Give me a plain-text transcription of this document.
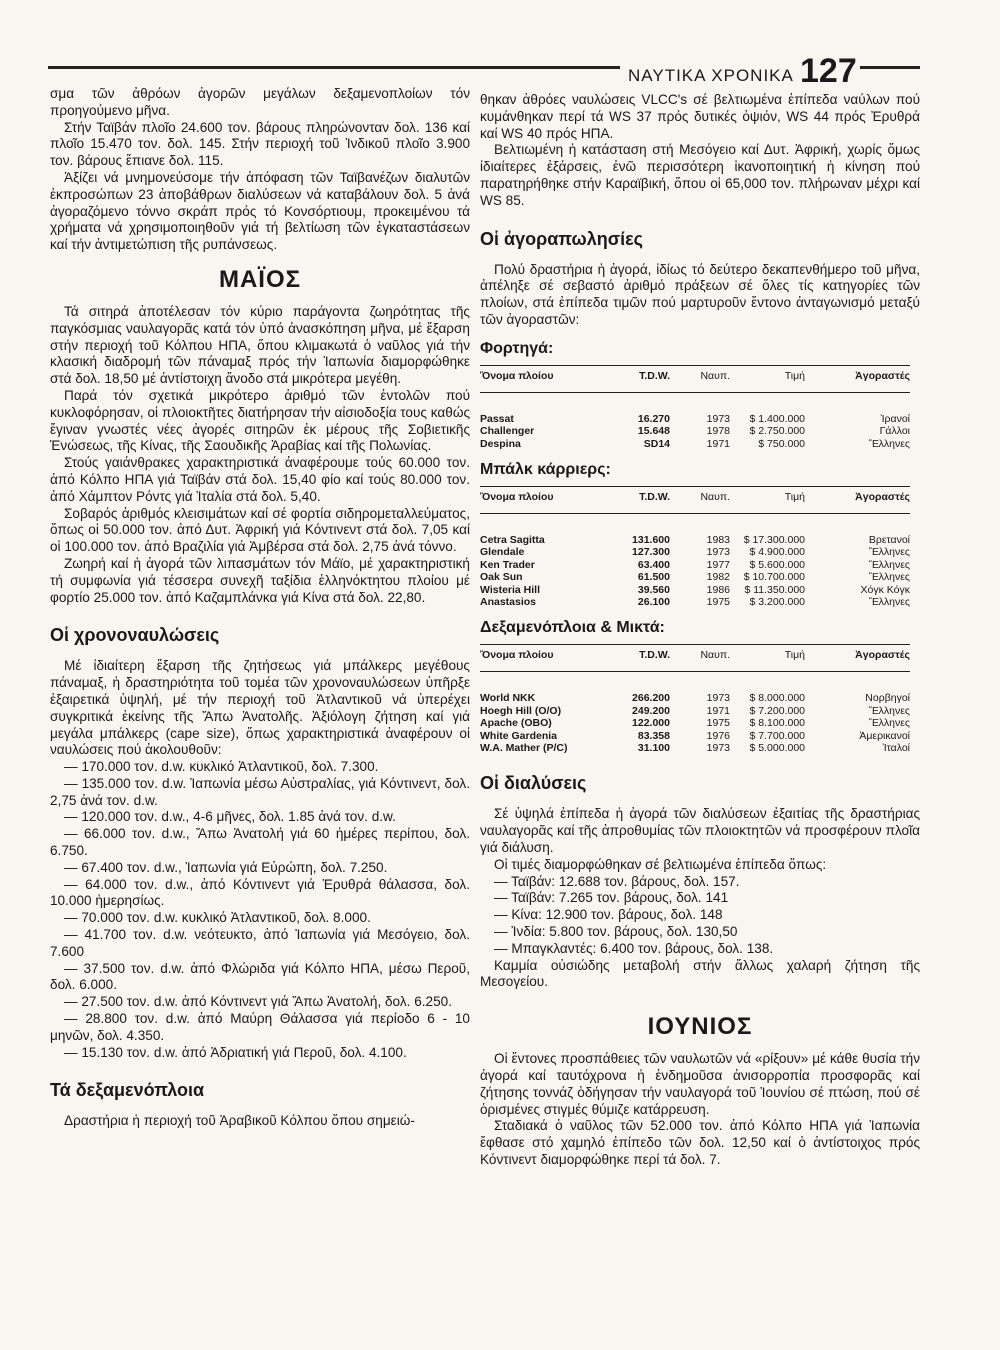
ΝΑΥΤΙΚΑ ΧΡΟΝΙΚΑ 127

σμα τῶν ἀθρόων ἀγορῶν μεγάλων δεξαμενοπλοίων τόν προηγούμενο μῆνα.

Στήν Ταϊβάν πλοῖο 24.600 τον. βάρους πληρώνονταν δολ. 136 καί πλοῖο 15.470 τον. δολ. 145. Στήν περιοχή τοῦ Ἰνδικοῦ πλοῖο 3.900 τον. βάρους ἔπιανε δολ. 115.

Ἀξίζει νά μνημονεύσομε τήν ἀπόφαση τῶν Ταϊβανέζων διαλυτῶν ἐκπροσώπων 23 ἀποβάθρων διαλύσεων νά καταβάλουν δολ. 5 ἀνά ἀγοραζόμενο τόννο σκράπ πρός τό Κονσόρτιουμ, προκειμένου τά χρήματα νά χρησιμοποιηθοῦν γιά τή βελτίωση τῶν ἐγκαταστάσεων καί τήν ἀντιμετώπιση τῆς ρυπάνσεως.

ΜΑΪΟΣ

Τά σιτηρά ἀποτέλεσαν τόν κύριο παράγοντα ζωηρότητας τῆς παγκόσμιας ναυλαγορᾶς κατά τόν ὑπό ἀνασκόπηση μῆνα, μέ ἔξαρση στήν περιοχή τοῦ Κόλπου ΗΠΑ, ὅπου κλιμακωτά ὁ ναῦλος γιά τήν κλασική διαδρομή τῶν πάναμαξ πρός τήν Ἰαπωνία διαμορφώθηκε στά δολ. 18,50 μέ ἀντίστοιχη ἄνοδο στά μικρότερα μεγέθη.

Παρά τόν σχετικά μικρότερο ἀριθμό τῶν ἐντολῶν πού κυκλοφόρησαν, οἱ πλοιοκτῆτες διατήρησαν τήν αἰσιοδοξία τους καθώς ἔγιναν γνωστές νέες ἀγορές σιτηρῶν ἐκ μέρους τῆς Σοβιετικῆς Ἑνώσεως, τῆς Κίνας, τῆς Σαουδικῆς Ἀραβίας καί τῆς Πολωνίας.

Στούς γαιάνθρακες χαρακτηριστικά ἀναφέρουμε τούς 60.000 τον. ἀπό Κόλπο ΗΠΑ γιά Ταϊβάν στά δολ. 15,40 φίο καί τούς 80.000 τον. ἀπό Χάμπτον Ρόντς γιά Ἰταλία στά δολ. 5,40.

Σοβαρός ἀριθμός κλεισιμάτων καί σέ φορτία σιδηρομεταλλεύματος, ὅπως οἱ 50.000 τον. ἀπό Δυτ. Ἀφρική γιά Κόντινεντ στά δολ. 7,05 καί οἱ 100.000 τον. ἀπό Βραζιλία γιά Ἀμβέρσα στά δολ. 2,75 ἀνά τόννο.

Ζωηρή καί ἡ ἀγορά τῶν λιπασμάτων τόν Μάϊο, μέ χαρακτηριστική τή συμφωνία γιά τέσσερα συνεχῆ ταξίδια ἑλληνόκτητου πλοίου μέ φορτίο 25.000 τον. ἀπό Καζαμπλάνκα γιά Κίνα στά δολ. 22,80.

Οἱ χρονοναυλώσεις

Μέ ἰδιαίτερη ἔξαρση τῆς ζητήσεως γιά μπάλκερς μεγέθους πάναμαξ, ἡ δραστηριότητα τοῦ τομέα τῶν χρονοναυλώσεων ὑπῆρξε ἐξαιρετικά ὑψηλή, μέ τήν περιοχή τοῦ Ἀτλαντικοῦ νά ὑπερέχει συγκριτικά ἐκείνης τῆς Ἄπω Ἀνατολῆς. Ἀξιόλογη ζήτηση καί γιά μεγάλα μπάλκερς (cape size), ὅπως χαρακτηριστικά ἀναφέρουν οἱ ναυλώσεις πού ἀκολουθοῦν:

— 170.000 τον. d.w. κυκλικό Ἀτλαντικοῦ, δολ. 7.300.
— 135.000 τον. d.w. Ἰαπωνία μέσω Αὐστραλίας, γιά Κόντινεντ, δολ. 2,75 ἀνά τον. d.w.
— 120.000 τον. d.w., 4-6 μῆνες, δολ. 1.85 ἀνά τον. d.w.
— 66.000 τον. d.w., Ἄπω Ἀνατολή γιά 60 ἡμέρες περίπου, δολ. 6.750.
— 67.400 τον. d.w., Ἰαπωνία γιά Εὐρώπη, δολ. 7.250.
— 64.000 τον. d.w., ἀπό Κόντινεντ γιά Ἐρυθρά θάλασσα, δολ. 10.000 ἡμερησίως.
— 70.000 τον. d.w. κυκλικό Ἀτλαντικοῦ, δολ. 8.000.
— 41.700 τον. d.w. νεότευκτο, ἀπό Ἰαπωνία γιά Μεσόγειο, δολ. 7.600
— 37.500 τον. d.w. ἀπό Φλώριδα γιά Κόλπο ΗΠΑ, μέσω Περοῦ, δολ. 6.000.
— 27.500 τον. d.w. ἀπό Κόντινεντ γιά Ἄπω Ἀνατολή, δολ. 6.250.
— 28.800 τον. d.w. ἀπό Μαύρη Θάλασσα γιά περίοδο 6 - 10 μηνῶν, δολ. 4.350.
— 15.130 τον. d.w. ἀπό Ἀδριατική γιά Περοῦ, δολ. 4.100.
Τά δεξαμενόπλοια

Δραστήρια ἡ περιοχή τοῦ Ἀραβικοῦ Κόλπου ὅπου σημειώ-

θηκαν ἀθρόες ναυλώσεις VLCC's σέ βελτιωμένα ἐπίπεδα ναύλων πού κυμάνθηκαν περί τά WS 37 πρός δυτικές ὀψιόν, WS 44 πρός Ἐρυθρά καί WS 40 πρός ΗΠΑ.

Βελτιωμένη ἡ κατάσταση στή Μεσόγειο καί Δυτ. Ἀφρική, χωρίς ὅμως ἰδιαίτερες ἐξάρσεις, ἐνῶ περισσότερη ἱκανοποιητική ἡ κίνηση πού παρατηρήθηκε στήν Καραϊβική, ὅπου οἱ 65,000 τον. πλήρωναν μέχρι καί WS 85.

Οἱ ἀγοραπωλησίες

Πολύ δραστήρια ἡ ἀγορά, ἰδίως τό δεύτερο δεκαπενθήμερο τοῦ μῆνα, ἀπέληξε σέ σεβαστό ἀριθμό πράξεων σέ ὅλες τίς κατηγορίες τῶν πλοίων, στά ἐπίπεδα τιμῶν πού μαρτυροῦν ἔντονο ἀνταγωνισμό μεταξύ τῶν ἀγοραστῶν:

Φορτηγά:
Ὄνομα πλοίου	T.D.W.	Ναυπ.	Τιμή	Ἀγοραστές
Passat	16.270	1973	$ 1.400.000	Ἰρανοί
Challenger	15.648	1978	$ 2.750.000	Γάλλοι
Despina	SD14	1971	$ 750.000	Ἕλληνες
Μπάλκ κάρριερς:
Ὄνομα πλοίου	T.D.W.	Ναυπ.	Τιμή	Ἀγοραστές
Cetra Sagitta	131.600	1983	$ 17.300.000	Βρετανοί
Glendale	127.300	1973	$ 4.900.000	Ἕλληνες
Ken Trader	63.400	1977	$ 5.600.000	Ἕλληνες
Oak Sun	61.500	1982	$ 10.700.000	Ἕλληνες
Wisteria Hill	39.560	1986	$ 11.350.000	Χόγκ Κόγκ
Anastasios	26.100	1975	$ 3.200.000	Ἕλληνες
Δεξαμενόπλοια & Μικτά:
Ὄνομα πλοίου	T.D.W.	Ναυπ.	Τιμή	Ἀγοραστές
World NKK	266.200	1973	$ 8.000.000	Νορβηγοί
Hoegh Hill (O/O)	249.200	1971	$ 7.200.000	Ἕλληνες
Apache (OBO)	122.000	1975	$ 8.100.000	Ἕλληνες
White Gardenia	83.358	1976	$ 7.700.000	Ἀμερικανοί
W.A. Mather (P/C)	31.100	1973	$ 5.000.000	Ἰταλοί
Οἱ διαλύσεις

Σέ ὑψηλά ἐπίπεδα ἡ ἀγορά τῶν διαλύσεων ἐξαιτίας τῆς δραστήριας ναυλαγορᾶς καί τῆς ἀπροθυμίας τῶν πλοιοκτητῶν νά προσφέρουν πλοῖα γιά διάλυση.

Οἱ τιμές διαμορφώθηκαν σέ βελτιωμένα ἐπίπεδα ὅπως:

— Ταϊβάν: 12.688 τον. βάρους, δολ. 157.
— Ταϊβάν: 7.265 τον. βάρους, δολ. 141
— Κίνα: 12.900 τον. βάρους, δολ. 148
— Ἰνδία: 5.800 τον. βάρους, δολ. 130,50
— Μπαγκλαντές: 6.400 τον. βάρους, δολ. 138.

Καμμία οὐσιώδης μεταβολή στήν ἄλλως χαλαρή ζήτηση τῆς Μεσογείου.

ΙΟΥΝΙΟΣ

Οἱ ἔντονες προσπάθειες τῶν ναυλωτῶν νά «ρίξουν» μέ κάθε θυσία τήν ἀγορά καί ταυτόχρονα ἡ ἐνδημοῦσα ἀνισορροπία προσφορᾶς καί ζήτησης τοννάζ ὁδήγησαν τήν ναυλαγορά τοῦ Ἰουνίου σέ πτώση, πού σέ ὁρισμένες στιγμές θύμιζε κατάρρευση.

Σταδιακά ὁ ναῦλος τῶν 52.000 τον. ἀπό Κόλπο ΗΠΑ γιά Ἰαπωνία ἔφθασε στό χαμηλό ἐπίπεδο τῶν δολ. 12,50 καί ὁ ἀντίστοιχος πρός Κόντινεντ διαμορφώθηκε περί τά δολ. 7.
